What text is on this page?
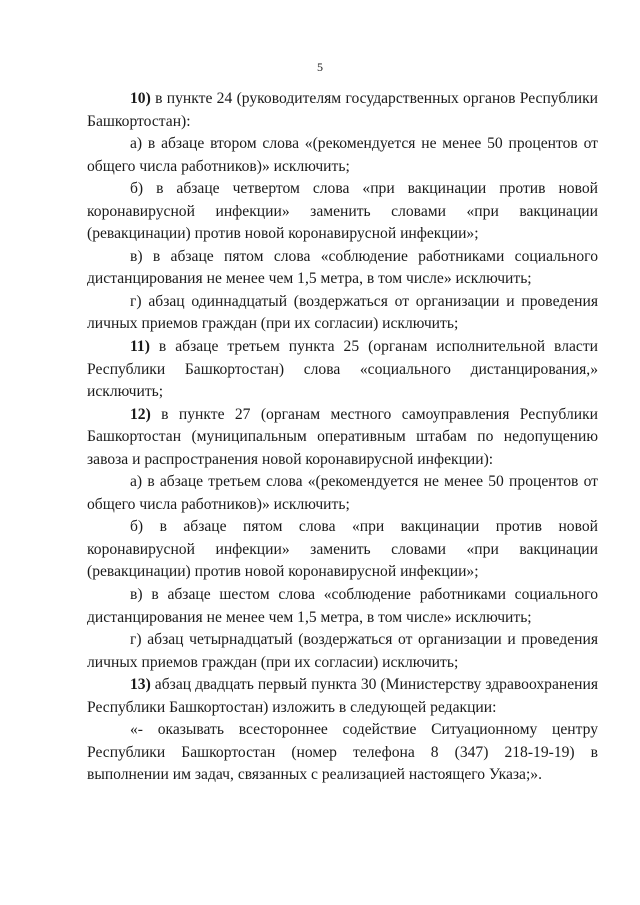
5

10) в пункте 24 (руководителям государственных органов Республики Башкортостан):

а) в абзаце втором слова «(рекомендуется не менее 50 процентов от общего числа работников)» исключить;

б) в абзаце четвертом слова «при вакцинации против новой коронавирусной инфекции» заменить словами «при вакцинации (ревакцинации) против новой коронавирусной инфекции»;

в) в абзаце пятом слова «соблюдение работниками социального дистанцирования не менее чем 1,5 метра, в том числе» исключить;

г) абзац одиннадцатый (воздержаться от организации и проведения личных приемов граждан (при их согласии) исключить;

11) в абзаце третьем пункта 25 (органам исполнительной власти Республики Башкортостан) слова «социального дистанцирования,» исключить;

12) в пункте 27 (органам местного самоуправления Республики Башкортостан (муниципальным оперативным штабам по недопущению завоза и распространения новой коронавирусной инфекции):

а) в абзаце третьем слова «(рекомендуется не менее 50 процентов от общего числа работников)» исключить;

б) в абзаце пятом слова «при вакцинации против новой коронавирусной инфекции» заменить словами «при вакцинации (ревакцинации) против новой коронавирусной инфекции»;

в) в абзаце шестом слова «соблюдение работниками социального дистанцирования не менее чем 1,5 метра, в том числе» исключить;

г) абзац четырнадцатый (воздержаться от организации и проведения личных приемов граждан (при их согласии) исключить;

13) абзац двадцать первый пункта 30 (Министерству здравоохранения Республики Башкортостан) изложить в следующей редакции:

«- оказывать всестороннее содействие Ситуационному центру Республики Башкортостан (номер телефона 8 (347) 218-19-19) в выполнении им задач, связанных с реализацией настоящего Указа;».
